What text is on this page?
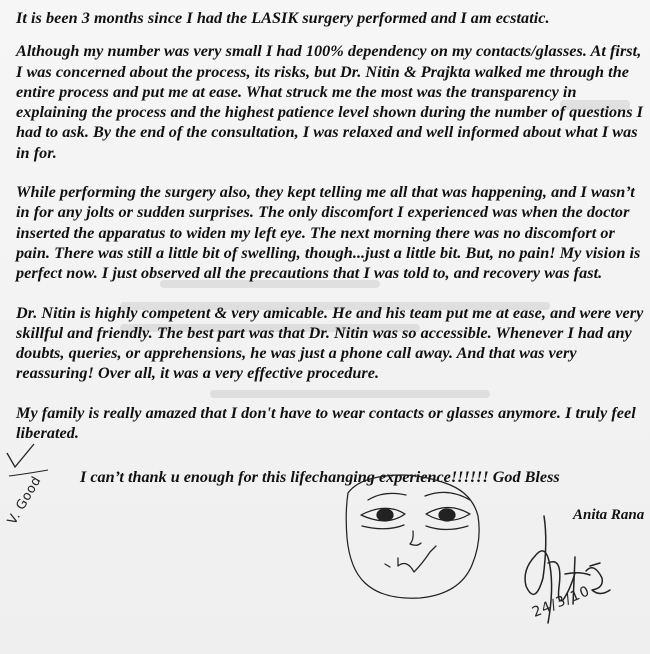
It is been 3 months since I had the LASIK surgery performed and I am ecstatic.

Although my number was very small I had 100% dependency on my contacts/glasses. At first, I was concerned about the process, its risks, but Dr. Nitin & Prajkta walked me through the entire process and put me at ease. What struck me the most was the transparency in explaining the process and the highest patience level shown during the number of questions I had to ask. By the end of the consultation, I was relaxed and well informed about what I was in for.

While performing the surgery also, they kept telling me all that was happening, and I wasn’t in for any jolts or sudden surprises. The only discomfort I experienced was when the doctor inserted the apparatus to widen my left eye. The next morning there was no discomfort or pain. There was still a little bit of swelling, though...just a little bit. But, no pain! My vision is perfect now. I just observed all the precautions that I was told to, and recovery was fast.

Dr. Nitin is highly competent & very amicable. He and his team put me at ease, and were very skillful and friendly. The best part was that Dr. Nitin was so accessible. Whenever I had any doubts, queries, or apprehensions, he was just a phone call away. And that was very reassuring! Over all, it was a very effective procedure.

My family is really amazed that I don't have to wear contacts or glasses anymore. I truly feel liberated.

I can’t thank u enough for this lifechanging experience!!!!!! God Bless
Anita Rana
V. Good
24/3/10
